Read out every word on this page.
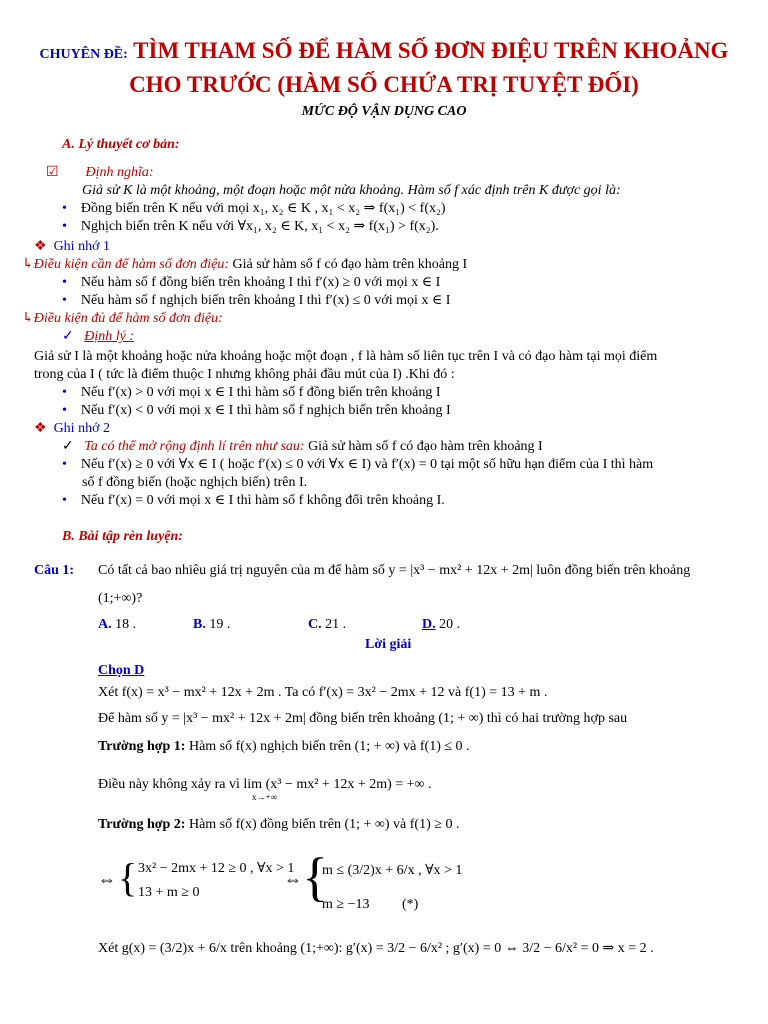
CHUYÊN ĐỀ: TÌM THAM SỐ ĐỂ HÀM SỐ ĐƠN ĐIỆU TRÊN KHOẢNG
CHO TRƯỚC (HÀM SỐ CHỨA TRỊ TUYỆT ĐỐI)
MỨC ĐỘ VẬN DỤNG CAO
A. Lý thuyết cơ bản:
☑ Định nghĩa:
Giả sử K là một khoảng, một đoạn hoặc một nửa khoảng. Hàm số f xác định trên K được gọi là:
• Đồng biến trên K nếu với mọi x₁, x₂ ∈ K , x₁ < x₂ ⇒ f(x₁) < f(x₂)
• Nghịch biến trên K nếu với ∀x₁, x₂ ∈ K, x₁ < x₂ ⇒ f(x₁) > f(x₂).
❖ Ghi nhớ 1
↳Điều kiện cần để hàm số đơn điệu: Giả sử hàm số f có đạo hàm trên khoảng I
• Nếu hàm số f đồng biến trên khoảng I thì f′(x) ≥ 0 với mọi x ∈ I
• Nếu hàm số f nghịch biến trên khoảng I thì f′(x) ≤ 0 với mọi x ∈ I
↳Điều kiện đủ để hàm số đơn điệu:
✓ Định lý :
Giả sử I là một khoảng hoặc nửa khoảng hoặc một đoạn , f là hàm số liên tục trên I và có đạo hàm tại mọi điểm
trong của I ( tức là điểm thuộc I nhưng không phải đầu mút của I) .Khi đó :
• Nếu f′(x) > 0 với mọi x ∈ I thì hàm số f đồng biến trên khoảng I
• Nếu f′(x) < 0 với mọi x ∈ I thì hàm số f nghịch biến trên khoảng I
❖ Ghi nhớ 2
✓ Ta có thể mở rộng định lí trên như sau: Giả sử hàm số f có đạo hàm trên khoảng I
• Nếu f′(x) ≥ 0 với ∀x ∈ I ( hoặc f′(x) ≤ 0 với ∀x ∈ I) và f′(x) = 0 tại một số hữu hạn điểm của I thì hàm
số f đồng biến (hoặc nghịch biến) trên I.
• Nếu f′(x) = 0 với mọi x ∈ I thì hàm số f không đổi trên khoảng I.
B. Bài tập rèn luyện:
Câu 1: Có tất cả bao nhiêu giá trị nguyên của m để hàm số y = |x³ − mx² + 12x + 2m| luôn đồng biến trên khoảng
(1;+∞)?
A. 18 .	B. 19 .	C. 21 .	D. 20 .
Lời giải
Chọn D
Xét f(x) = x³ − mx² + 12x + 2m . Ta có f′(x) = 3x² − 2mx + 12 và f(1) = 13 + m .
Để hàm số y = |x³ − mx² + 12x + 2m| đồng biến trên khoảng (1; + ∞) thì có hai trường hợp sau
Trường hợp 1: Hàm số f(x) nghịch biến trên (1; + ∞) và f(1) ≤ 0 .
Điều này không xảy ra vì lim (x³ − mx² + 12x + 2m) = +∞ .
x→+∞
Trường hợp 2: Hàm số f(x) đồng biến trên (1; + ∞) và f(1) ≥ 0 .
⇔ { 3x² − 2mx + 12 ≥ 0 , ∀x > 1
13 + m ≥ 0
⇔ {
m ≤ (3/2)x + 6/x , ∀x > 1
m ≥ −13 (*)
Xét g(x) = (3/2)x + 6/x trên khoảng (1;+∞): g′(x) = 3/2 − 6/x² ; g′(x) = 0 ⇔ 3/2 − 6/x² = 0 ⇒ x = 2 .
